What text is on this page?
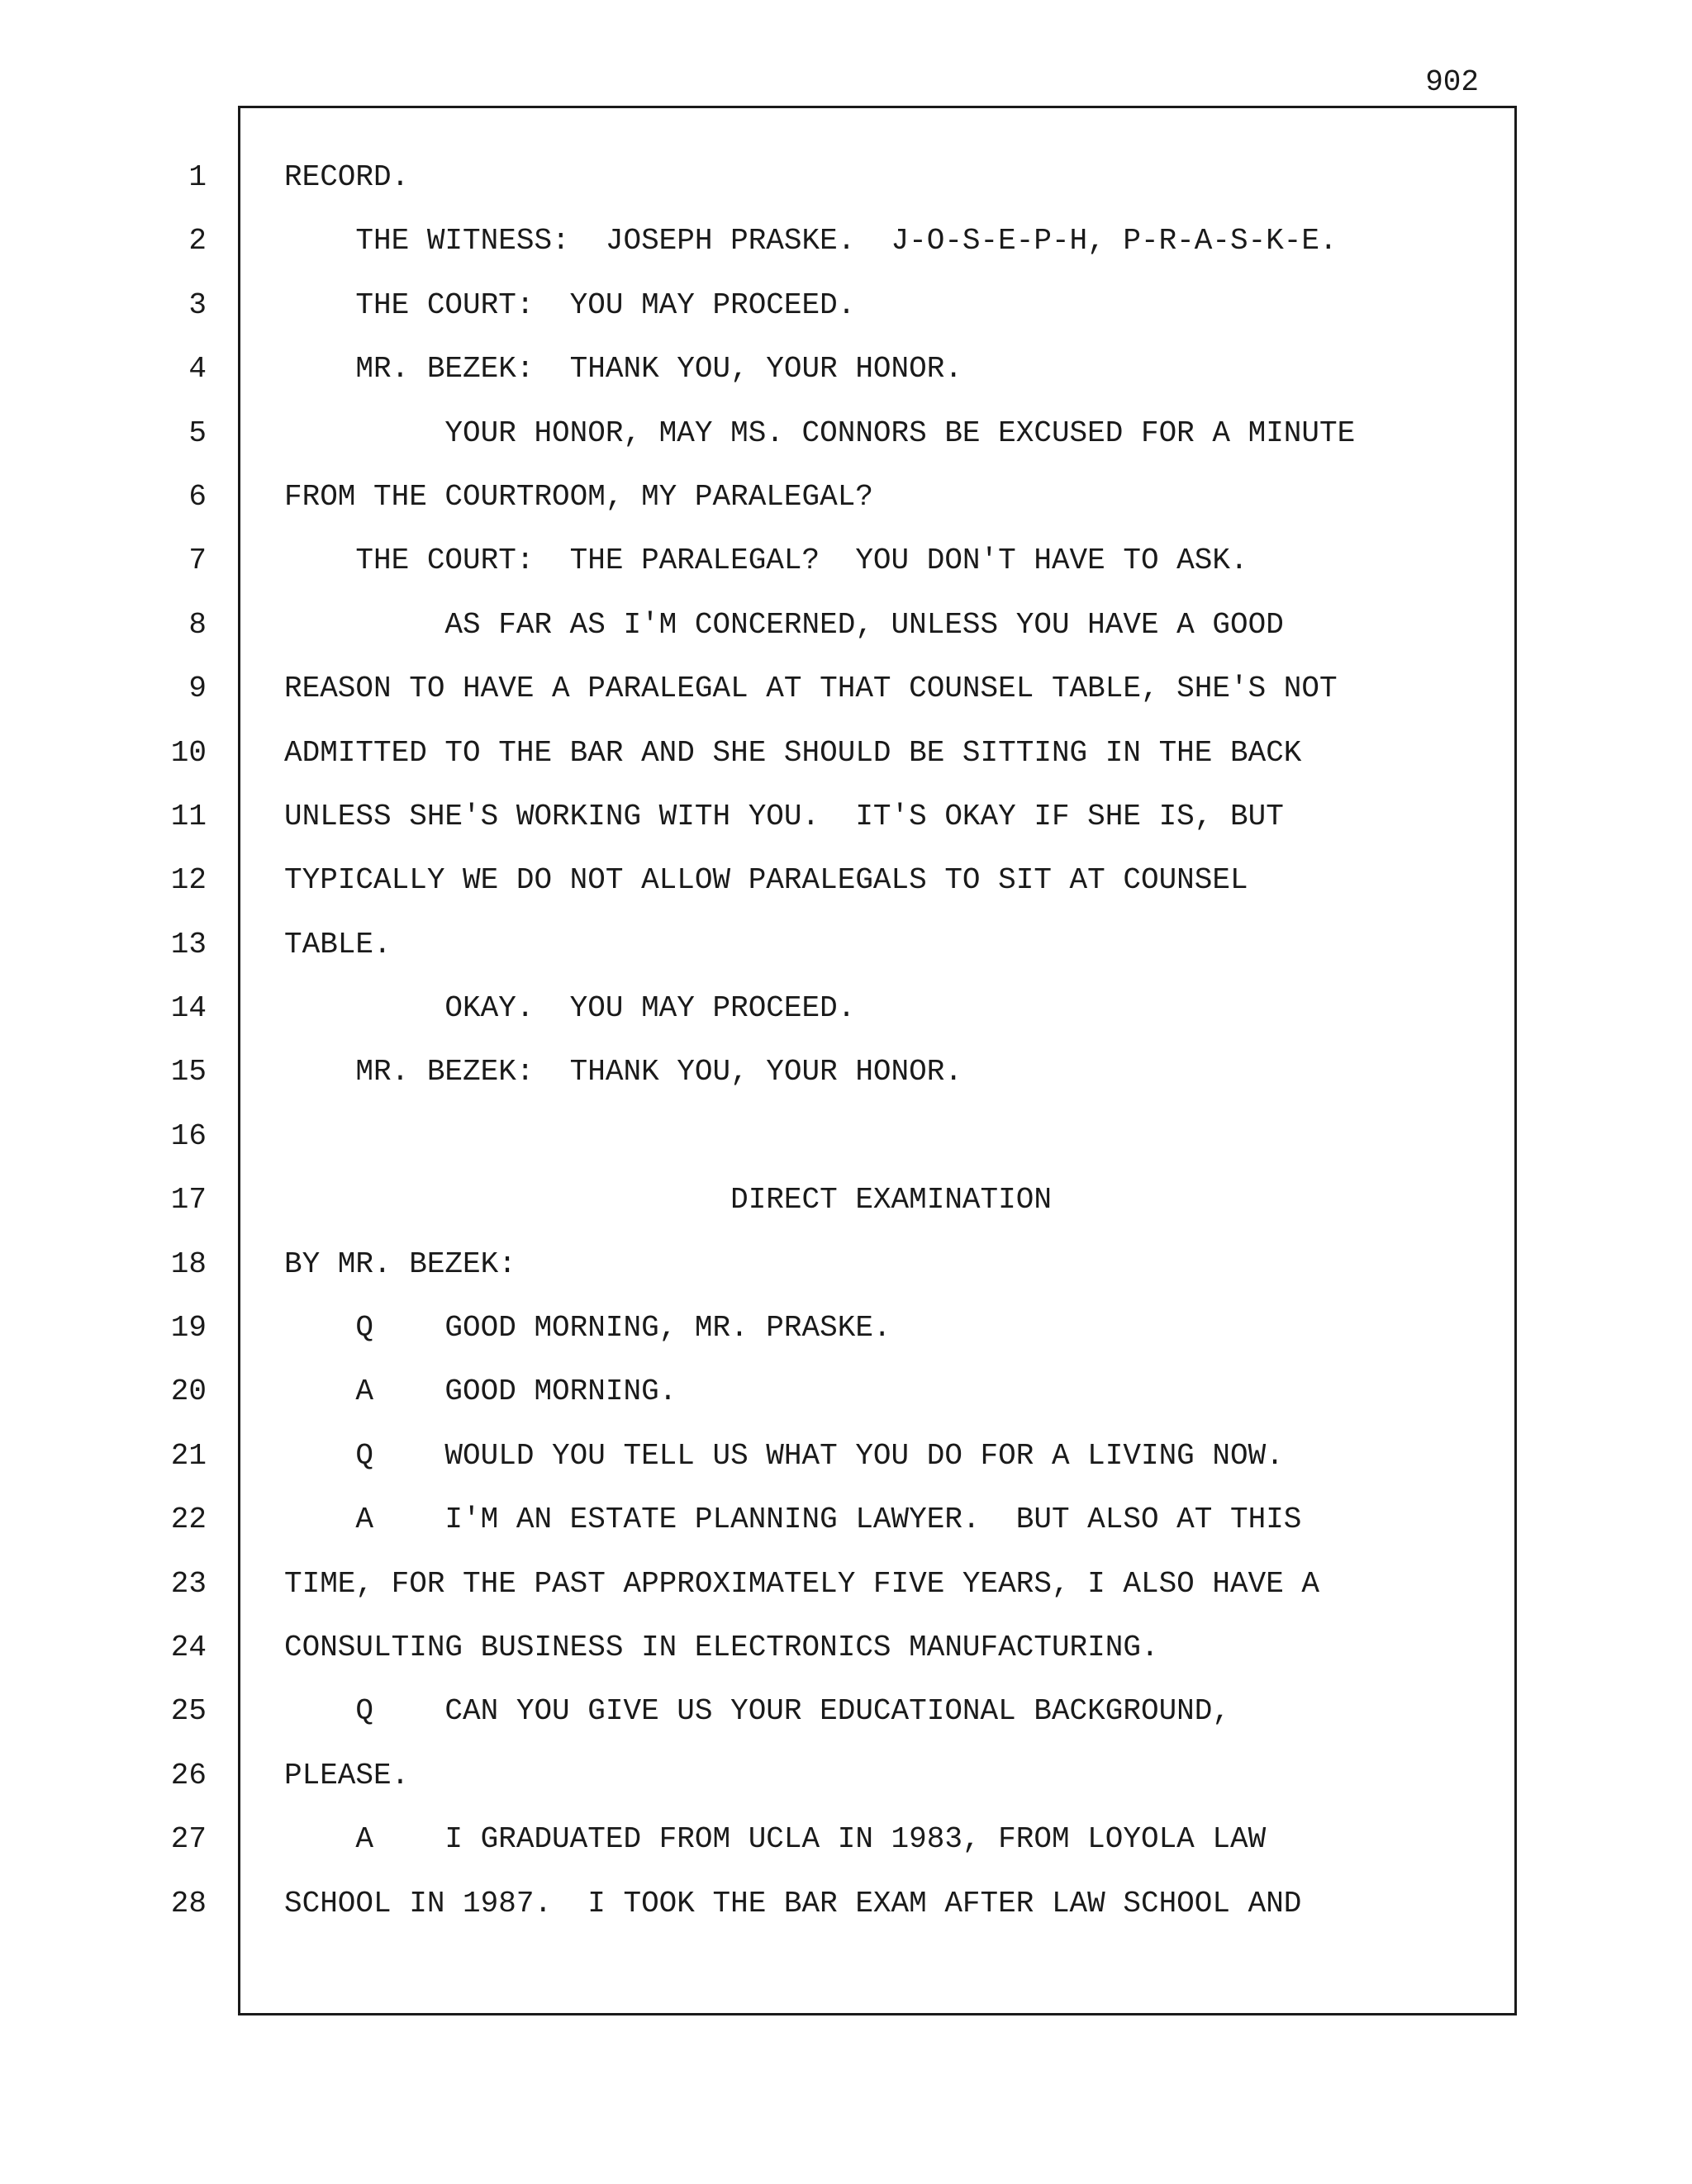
902
1
2
3
4
5
6
7
8
9
10
11
12
13
14
15
16
17
18
19
20
21
22
23
24
25
26
27
28
RECORD.
THE WITNESS:  JOSEPH PRASKE.  J-O-S-E-P-H, P-R-A-S-K-E.
THE COURT:  YOU MAY PROCEED.
MR. BEZEK:  THANK YOU, YOUR HONOR.
YOUR HONOR, MAY MS. CONNORS BE EXCUSED FOR A MINUTE
FROM THE COURTROOM, MY PARALEGAL?
THE COURT:  THE PARALEGAL?  YOU DON'T HAVE TO ASK.
AS FAR AS I'M CONCERNED, UNLESS YOU HAVE A GOOD
REASON TO HAVE A PARALEGAL AT THAT COUNSEL TABLE, SHE'S NOT
ADMITTED TO THE BAR AND SHE SHOULD BE SITTING IN THE BACK
UNLESS SHE'S WORKING WITH YOU.  IT'S OKAY IF SHE IS, BUT
TYPICALLY WE DO NOT ALLOW PARALEGALS TO SIT AT COUNSEL
TABLE.
OKAY.  YOU MAY PROCEED.
MR. BEZEK:  THANK YOU, YOUR HONOR.
DIRECT EXAMINATION
BY MR. BEZEK:
Q    GOOD MORNING, MR. PRASKE.
A    GOOD MORNING.
Q    WOULD YOU TELL US WHAT YOU DO FOR A LIVING NOW.
A    I'M AN ESTATE PLANNING LAWYER.  BUT ALSO AT THIS
TIME, FOR THE PAST APPROXIMATELY FIVE YEARS, I ALSO HAVE A
CONSULTING BUSINESS IN ELECTRONICS MANUFACTURING.
Q    CAN YOU GIVE US YOUR EDUCATIONAL BACKGROUND,
PLEASE.
A    I GRADUATED FROM UCLA IN 1983, FROM LOYOLA LAW
SCHOOL IN 1987.  I TOOK THE BAR EXAM AFTER LAW SCHOOL AND
